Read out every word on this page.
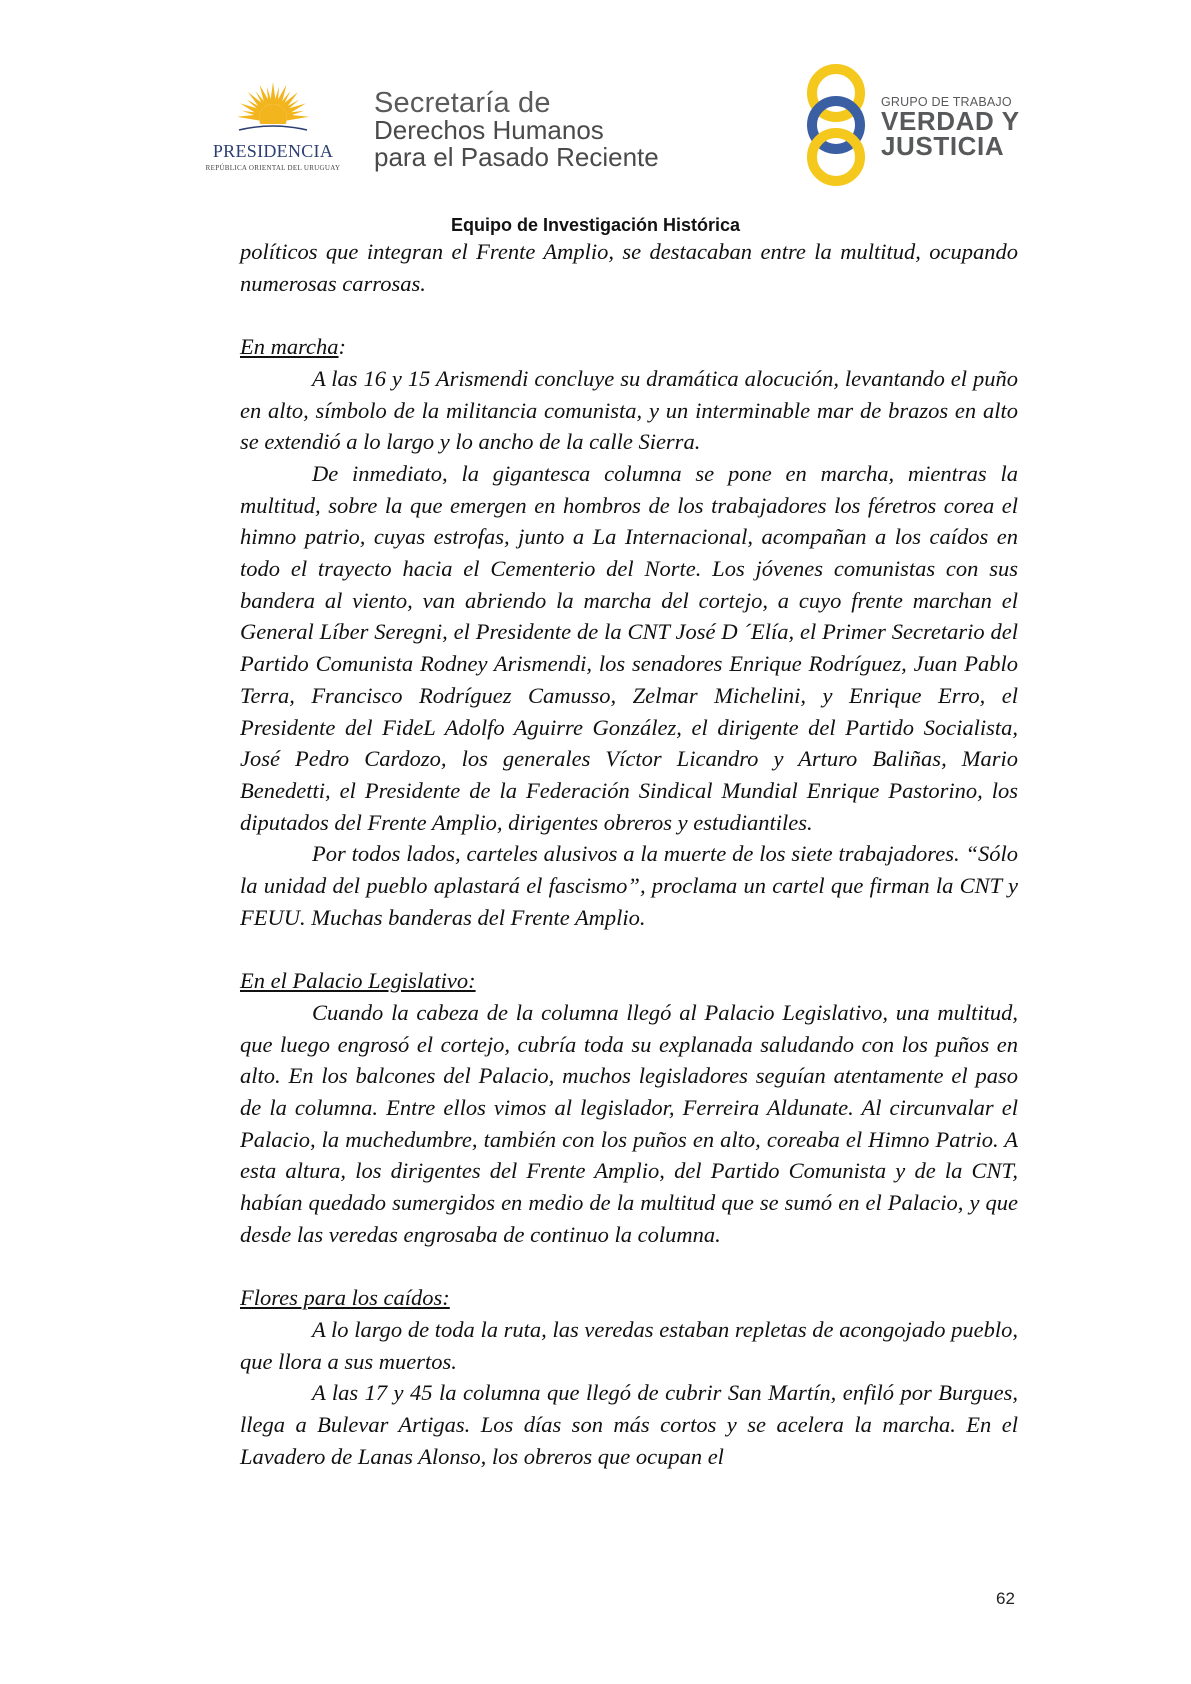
PRESIDENCIA
REPÚBLICA ORIENTAL DEL URUGUAY
Secretaría de
Derechos Humanos
para el Pasado Reciente
GRUPO DE TRABAJO
VERDAD Y
JUSTICIA
Equipo de Investigación Histórica

políticos que integran el Frente Amplio, se destacaban entre la multitud, ocupando numerosas carrosas.

En marcha:

A las 16 y 15 Arismendi concluye su dramática alocución, levantando el puño en alto, símbolo de la militancia comunista, y un interminable mar de brazos en alto se extendió a lo largo y lo ancho de la calle Sierra.

De inmediato, la gigantesca columna se pone en marcha, mientras la multitud, sobre la que emergen en hombros de los trabajadores los féretros corea el himno patrio, cuyas estrofas, junto a La Internacional, acompañan a los caídos en todo el trayecto hacia el Cementerio del Norte. Los jóvenes comunistas con sus bandera al viento, van abriendo la marcha del cortejo, a cuyo frente marchan el General Líber Seregni, el Presidente de la CNT José D ´Elía, el Primer Secretario del Partido Comunista Rodney Arismendi, los senadores Enrique Rodríguez, Juan Pablo Terra, Francisco Rodríguez Camusso, Zelmar Michelini, y Enrique Erro, el Presidente del FideL Adolfo Aguirre González, el dirigente del Partido Socialista, José Pedro Cardozo, los generales Víctor Licandro y Arturo Baliñas, Mario Benedetti, el Presidente de la Federación Sindical Mundial Enrique Pastorino, los diputados del Frente Amplio, dirigentes obreros y estudiantiles.

Por todos lados, carteles alusivos a la muerte de los siete trabajadores. “Sólo la unidad del pueblo aplastará el fascismo”, proclama un cartel que firman la CNT y FEUU. Muchas banderas del Frente Amplio.

En el Palacio Legislativo:

Cuando la cabeza de la columna llegó al Palacio Legislativo, una multitud, que luego engrosó el cortejo, cubría toda su explanada saludando con los puños en alto. En los balcones del Palacio, muchos legisladores seguían atentamente el paso de la columna. Entre ellos vimos al legislador, Ferreira Aldunate. Al circunvalar el Palacio, la muchedumbre, también con los puños en alto, coreaba el Himno Patrio. A esta altura, los dirigentes del Frente Amplio, del Partido Comunista y de la CNT, habían quedado sumergidos en medio de la multitud que se sumó en el Palacio, y que desde las veredas engrosaba de continuo la columna.

Flores para los caídos:

A lo largo de toda la ruta, las veredas estaban repletas de acongojado pueblo, que llora a sus muertos.

A las 17 y 45 la columna que llegó de cubrir San Martín, enfiló por Burgues, llega a Bulevar Artigas. Los días son más cortos y se acelera la marcha. En el Lavadero de Lanas Alonso, los obreros que ocupan el

62
